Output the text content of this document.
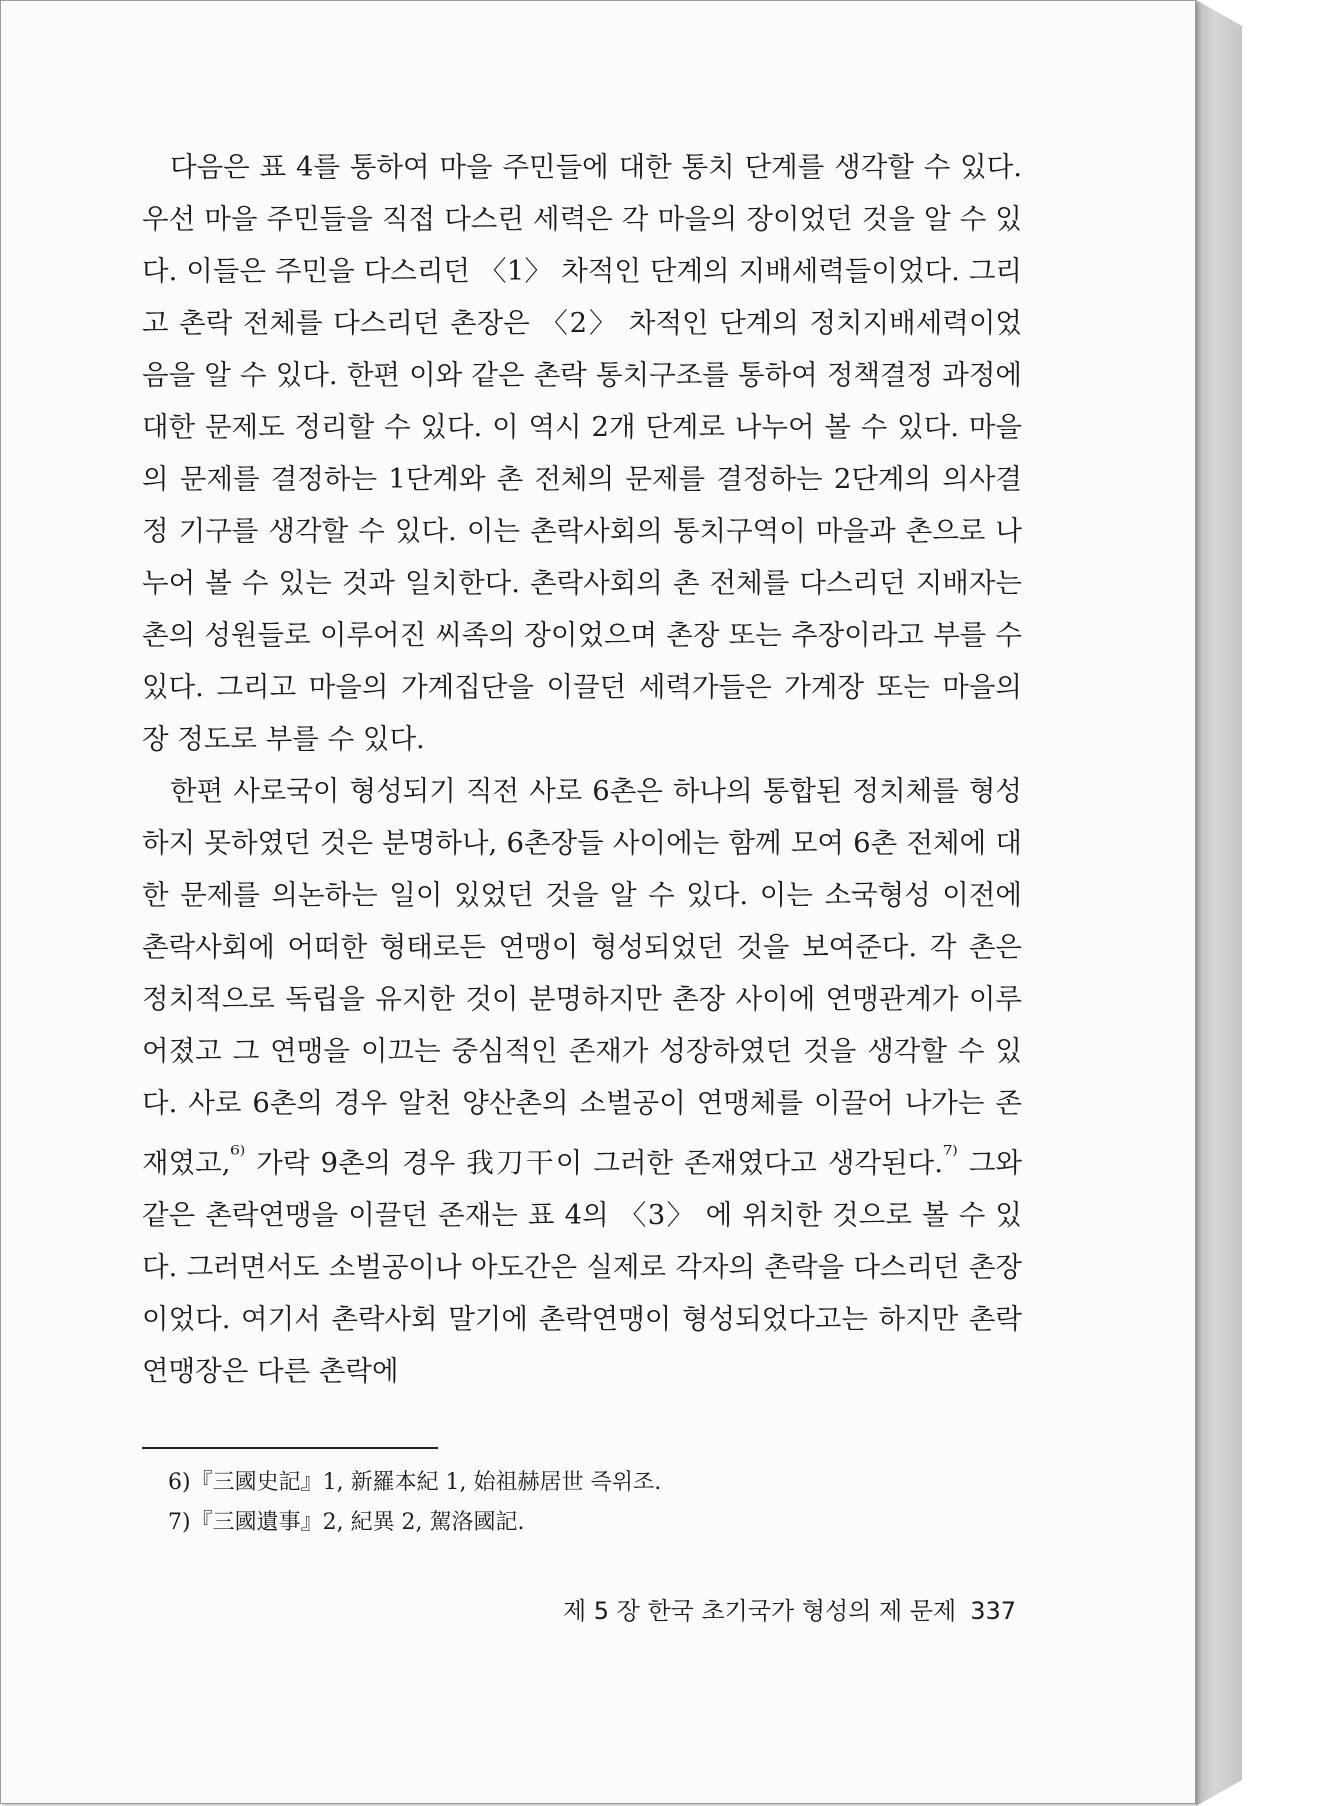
다음은 표 4를 통하여 마을 주민들에 대한 통치 단계를 생각할 수 있다. 우선 마을 주민들을 직접 다스린 세력은 각 마을의 장이었던 것을 알 수 있다. 이들은 주민을 다스리던 〈1〉 차적인 단계의 지배세력들이었다. 그리고 촌락 전체를 다스리던 촌장은 〈2〉 차적인 단계의 정치지배세력이었음을 알 수 있다. 한편 이와 같은 촌락 통치구조를 통하여 정책결정 과정에 대한 문제도 정리할 수 있다. 이 역시 2개 단계로 나누어 볼 수 있다. 마을의 문제를 결정하는 1단계와 촌 전체의 문제를 결정하는 2단계의 의사결정 기구를 생각할 수 있다. 이는 촌락사회의 통치구역이 마을과 촌으로 나누어 볼 수 있는 것과 일치한다. 촌락사회의 촌 전체를 다스리던 지배자는 촌의 성원들로 이루어진 씨족의 장이었으며 촌장 또는 추장이라고 부를 수 있다. 그리고 마을의 가계집단을 이끌던 세력가들은 가계장 또는 마을의 장 정도로 부를 수 있다.

한편 사로국이 형성되기 직전 사로 6촌은 하나의 통합된 정치체를 형성하지 못하였던 것은 분명하나, 6촌장들 사이에는 함께 모여 6촌 전체에 대한 문제를 의논하는 일이 있었던 것을 알 수 있다. 이는 소국형성 이전에 촌락사회에 어떠한 형태로든 연맹이 형성되었던 것을 보여준다. 각 촌은 정치적으로 독립을 유지한 것이 분명하지만 촌장 사이에 연맹관계가 이루어졌고 그 연맹을 이끄는 중심적인 존재가 성장하였던 것을 생각할 수 있다. 사로 6촌의 경우 알천 양산촌의 소벌공이 연맹체를 이끌어 나가는 존재였고,$^{^{6)}}$ 가락 9촌의 경우 我刀干이 그러한 존재였다고 생각된다.$^{^{7)}}$ 그와 같은 촌락연맹을 이끌던 존재는 표 4의 〈3〉 에 위치한 것으로 볼 수 있다. 그러면서도 소벌공이나 아도간은 실제로 각자의 촌락을 다스리던 촌장이었다. 여기서 촌락사회 말기에 촌락연맹이 형성되었다고는 하지만 촌락 연맹장은 다른 촌락에

6)『三國史記』1, 新羅本紀 1, 始祖赫居世 즉위조.
7)『三國遺事』2, 紀異 2, 駕洛國記.
제 5 장 한국 초기국가 형성의 제 문제 337
